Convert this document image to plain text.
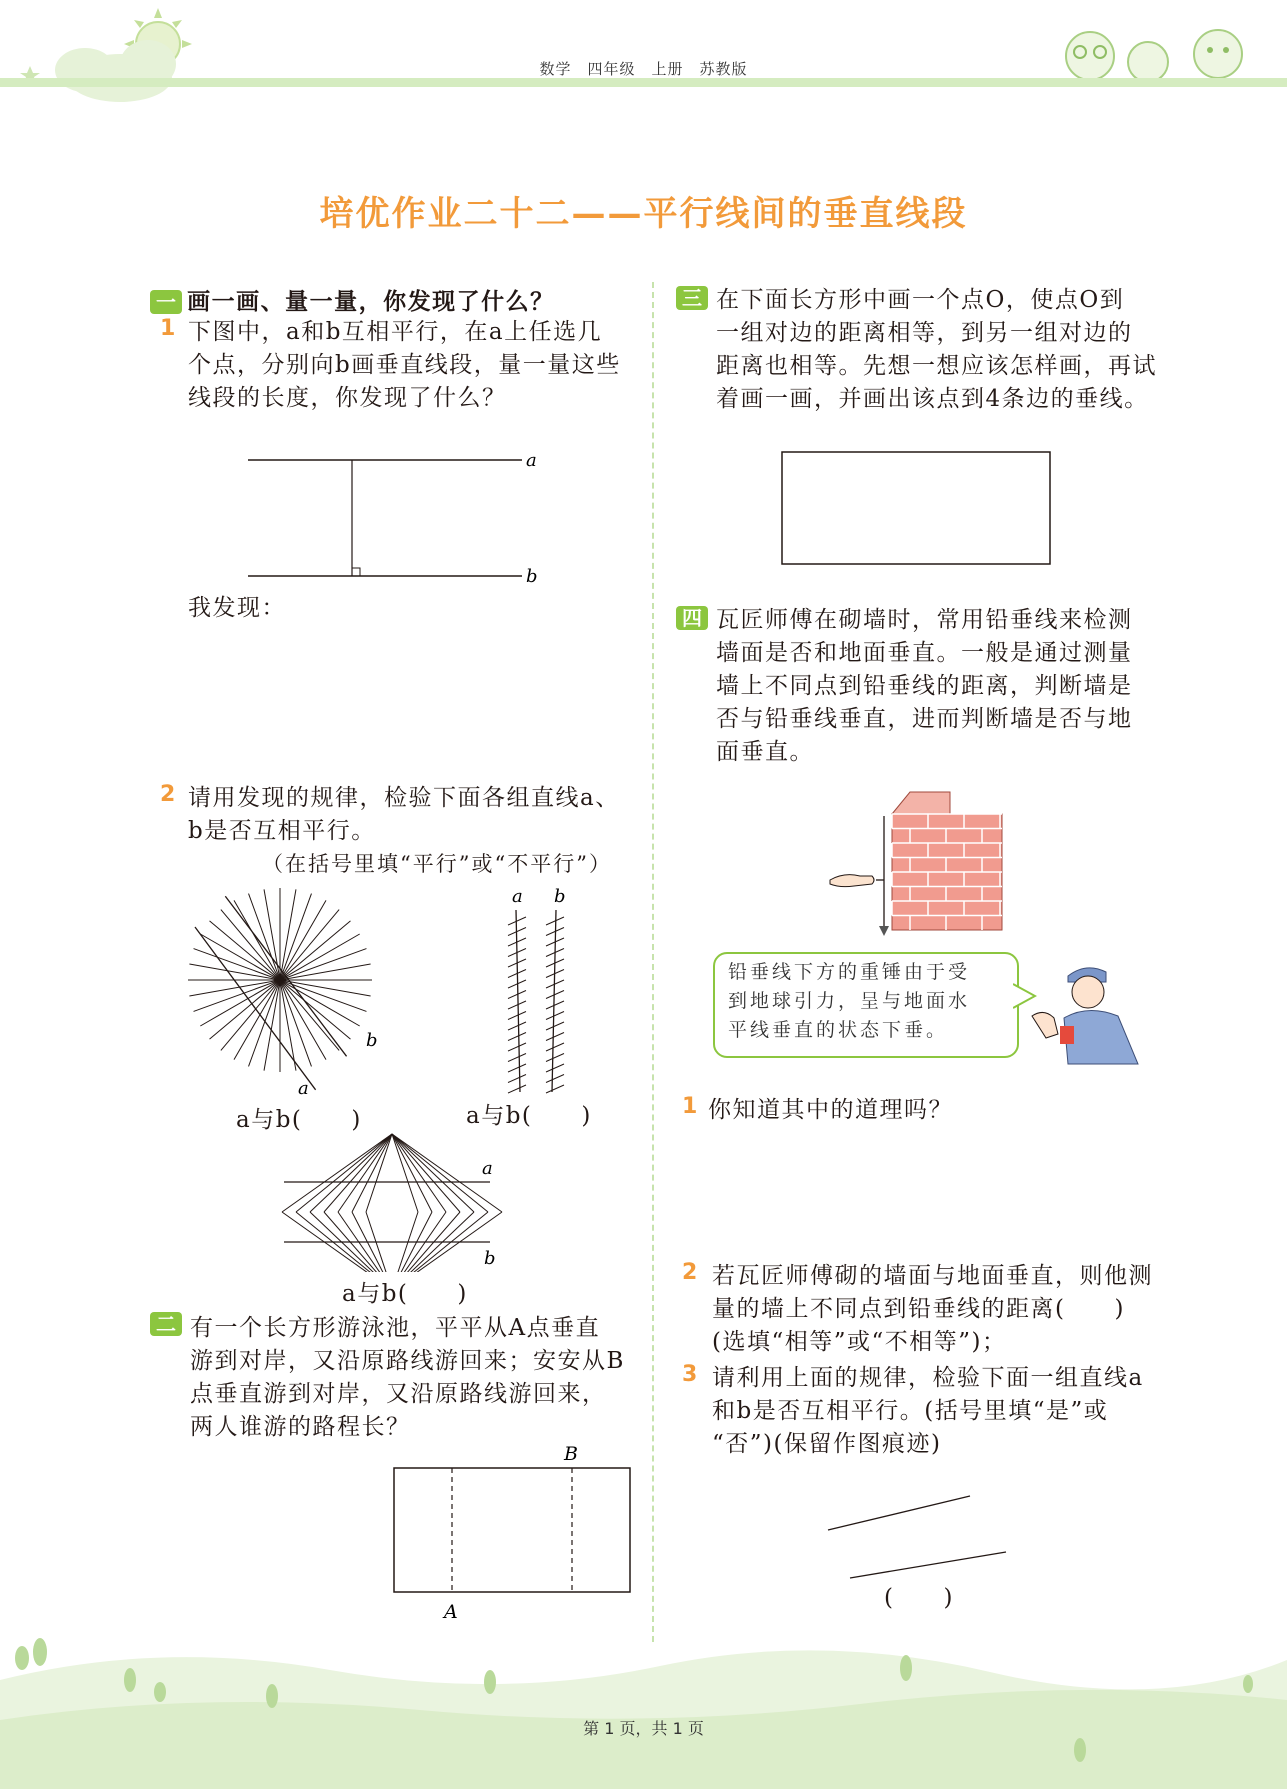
数学　四年级　上册　苏教版
培优作业二十二——平行线间的垂直线段
一 画一画、量一量，你发现了什么？
1 下图中，a和b互相平行，在a上任选几
个点，分别向b画垂直线段，量一量这些
线段的长度，你发现了什么？
a
b
我发现：
2 请用发现的规律，检验下面各组直线a、
b是否互相平行。
（在括号里填“平行”或“不平行”）
b
a
a与b(　　)
a b
a与b(　　)
a
b
a与b(　　)
二 有一个长方形游泳池，平平从A点垂直
游到对岸，又沿原路线游回来；安安从B
点垂直游到对岸，又沿原路线游回来，
两人谁游的路程长？
B
A
三 在下面长方形中画一个点O，使点O到
一组对边的距离相等，到另一组对边的
距离也相等。先想一想应该怎样画，再试
着画一画，并画出该点到4条边的垂线。
四 瓦匠师傅在砌墙时，常用铅垂线来检测
墙面是否和地面垂直。一般是通过测量
墙上不同点到铅垂线的距离，判断墙是
否与铅垂线垂直，进而判断墙是否与地
面垂直。
铅垂线下方的重锤由于受
到地球引力，呈与地面水
平线垂直的状态下垂。
1 你知道其中的道理吗？
2 若瓦匠师傅砌的墙面与地面垂直，则他测
量的墙上不同点到铅垂线的距离(　　)
(选填“相等”或“不相等”)；
3 请利用上面的规律，检验下面一组直线a
和b是否互相平行。(括号里填“是”或
“否”)(保留作图痕迹)
(　　)
第 1 页，共 1 页
